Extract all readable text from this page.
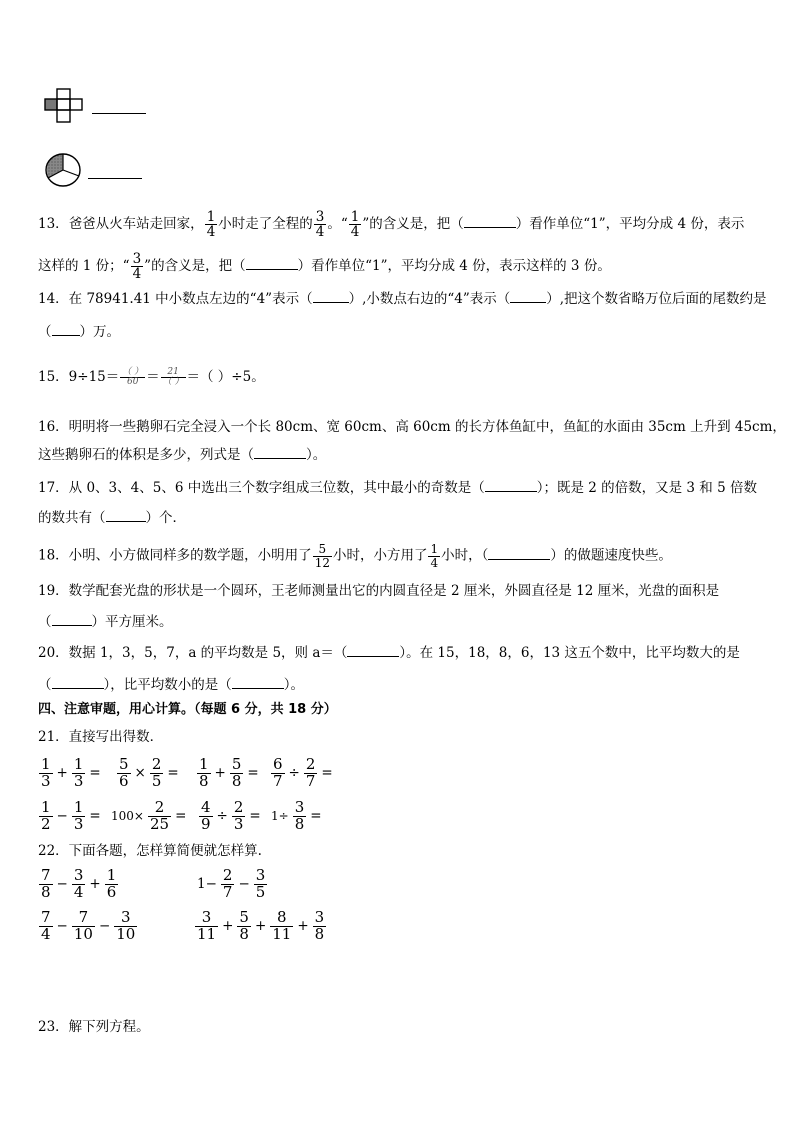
13．爸爸从火车站走回家， $\frac{1}{4}$ 小时走了全程的 $\frac{3}{4}$ 。“ $\frac{1}{4}$ ”的含义是，把（	）看作单位“1”，平均分成 4 份，表示
这样的 1 份；“ $\frac{3}{4}$ ”的含义是，把（	）看作单位“1”，平均分成 4 份，表示这样的 3 份。
14．在 78941.41 中小数点左边的“4”表示（	）,小数点右边的“4”表示（	）,把这个数省略万位后面的尾数约是
（ ）万。
15．$9\div 15= \frac{( )}{60} = \frac{21}{( )}$ ＝（ ）÷5。
16．明明将一些鹅卵石完全浸入一个长 80cm、宽 60cm、高 60cm 的长方体鱼缸中，鱼缸的水面由 35cm 上升到 45cm，
这些鹅卵石的体积是多少，列式是（	）。
17．从 0、3、4、5、6 中选出三个数字组成三位数，其中最小的奇数是（	）；既是 2 的倍数，又是 3 和 5 倍数
的数共有（	）个．
18．小明、小方做同样多的数学题，小明用了 $\frac{5}{12}$ 小时，小方用了 $\frac{1}{4}$ 小时，（	）的做题速度快些。
19．数学配套光盘的形状是一个圆环，王老师测量出它的内圆直径是 2 厘米，外圆直径是 12 厘米，光盘的面积是
（	）平方厘米。
20．数据 1，3，5，7，a 的平均数是 5，则 a＝（	）。在 15，18，8，6，13 这五个数中，比平均数大的是
（	），比平均数小的是（	）。
四、注意审题，用心计算。（每题 6 分，共 18 分）
21．直接写出得数．
$\frac{1}{3} + \frac{1}{3} = \frac{5}{6} \times \frac{2}{5} = \frac{1}{8} + \frac{5}{8} = \frac{6}{7} \div \frac{2}{7}$ =
$\frac{1}{2} - \frac{1}{3} = 100\times \frac{2}{25} = \frac{4}{9} \div \frac{2}{3} = 1\div \frac{3}{8}$ =
22．下面各题，怎样算简便就怎样算.
$\frac{7}{8} - \frac{3}{4} + \frac{1}{6}$	$1- \frac{2}{7} - \frac{3}{5}$
$\frac{7}{4} - \frac{7}{10} - \frac{3}{10}$	$\frac{3}{11} + \frac{5}{8} + \frac{8}{11} + \frac{3}{8}$
23．解下列方程。
